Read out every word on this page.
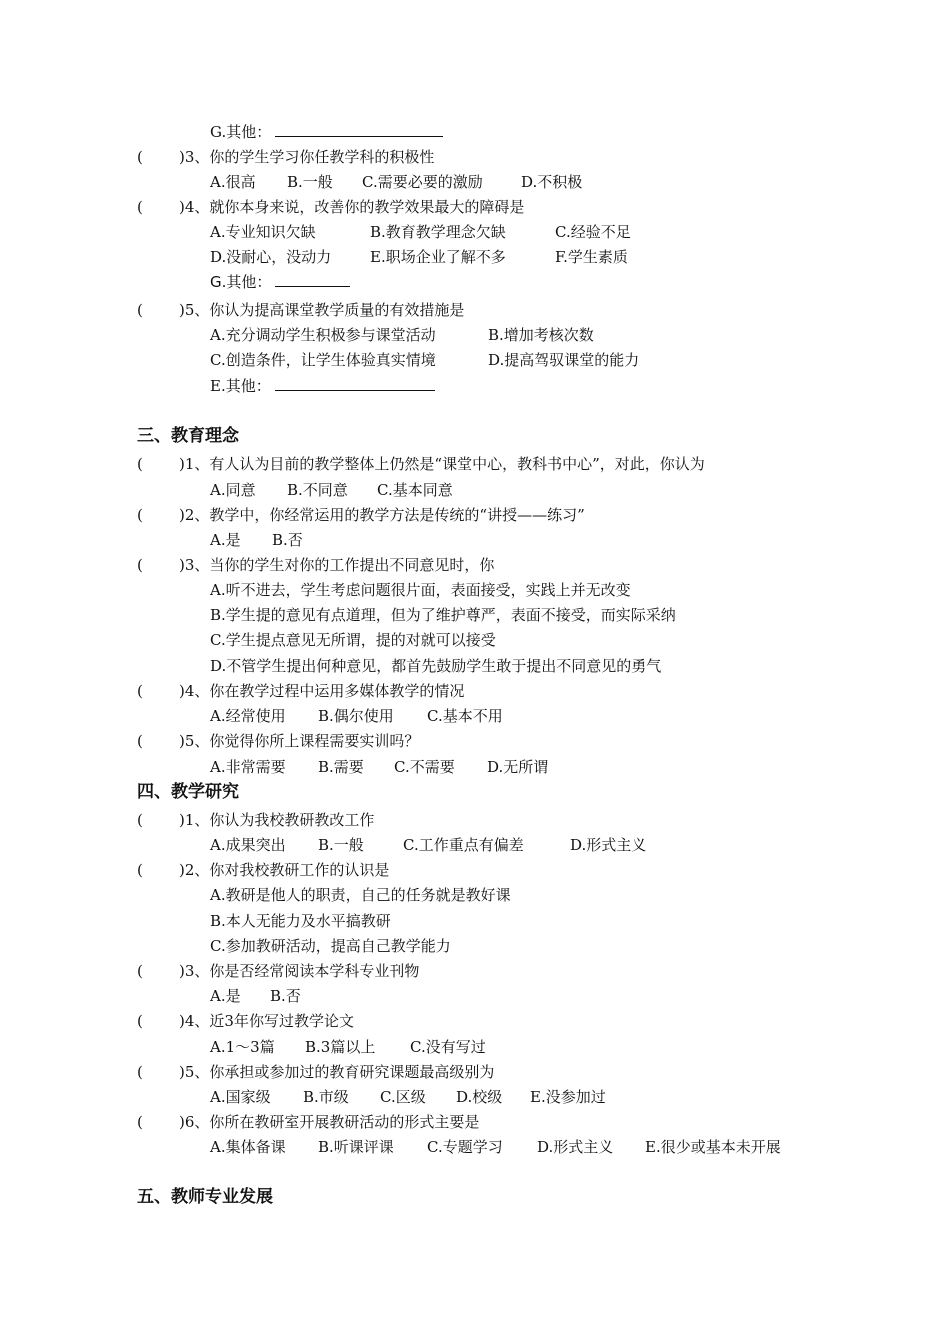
G.其他：
( )3、你的学生学习你任教学科的积极性
A.很高 B.一般 C.需要必要的激励	D.不积极
( )4、就你本身来说，改善你的教学效果最大的障碍是
A.专业知识欠缺	B.教育教学理念欠缺	C.经验不足
D.没耐心，没动力	E.职场企业了解不多	F.学生素质
G.其他：
( )5、你认为提高课堂教学质量的有效措施是
A.充分调动学生积极参与课堂活动	B.增加考核次数
C.创造条件，让学生体验真实情境	D.提高驾驭课堂的能力
E.其他：
三、教育理念
( )1、有人认为目前的教学整体上仍然是“课堂中心，教科书中心”，对此，你认为
A.同意 B.不同意 C.基本同意
( )2、教学中，你经常运用的教学方法是传统的“讲授——练习”
A.是 B.否
( )3、当你的学生对你的工作提出不同意见时，你
A.听不进去，学生考虑问题很片面，表面接受，实践上并无改变
B.学生提的意见有点道理，但为了维护尊严，表面不接受，而实际采纳
C.学生提点意见无所谓，提的对就可以接受
D.不管学生提出何种意见，都首先鼓励学生敢于提出不同意见的勇气
( )4、你在教学过程中运用多媒体教学的情况
A.经常使用 B.偶尔使用 C.基本不用
( )5、你觉得你所上课程需要实训吗？
A.非常需要 B.需要 C.不需要 D.无所谓
四、教学研究
( )1、你认为我校教研教改工作
A.成果突出 B.一般	C.工作重点有偏差	D.形式主义
( )2、你对我校教研工作的认识是
A.教研是他人的职责，自己的任务就是教好课
B.本人无能力及水平搞教研
C.参加教研活动，提高自己教学能力
( )3、你是否经常阅读本学科专业刊物
A.是 B.否
( )4、近3年你写过教学论文
A.1～3篇 B.3篇以上 C.没有写过
( )5、你承担或参加过的教育研究课题最高级别为
A.国家级 B.市级 C.区级 D.校级 E.没参加过
( )6、你所在教研室开展教研活动的形式主要是
A.集体备课 B.听课评课 C.专题学习 D.形式主义 E.很少或基本未开展
五、教师专业发展
